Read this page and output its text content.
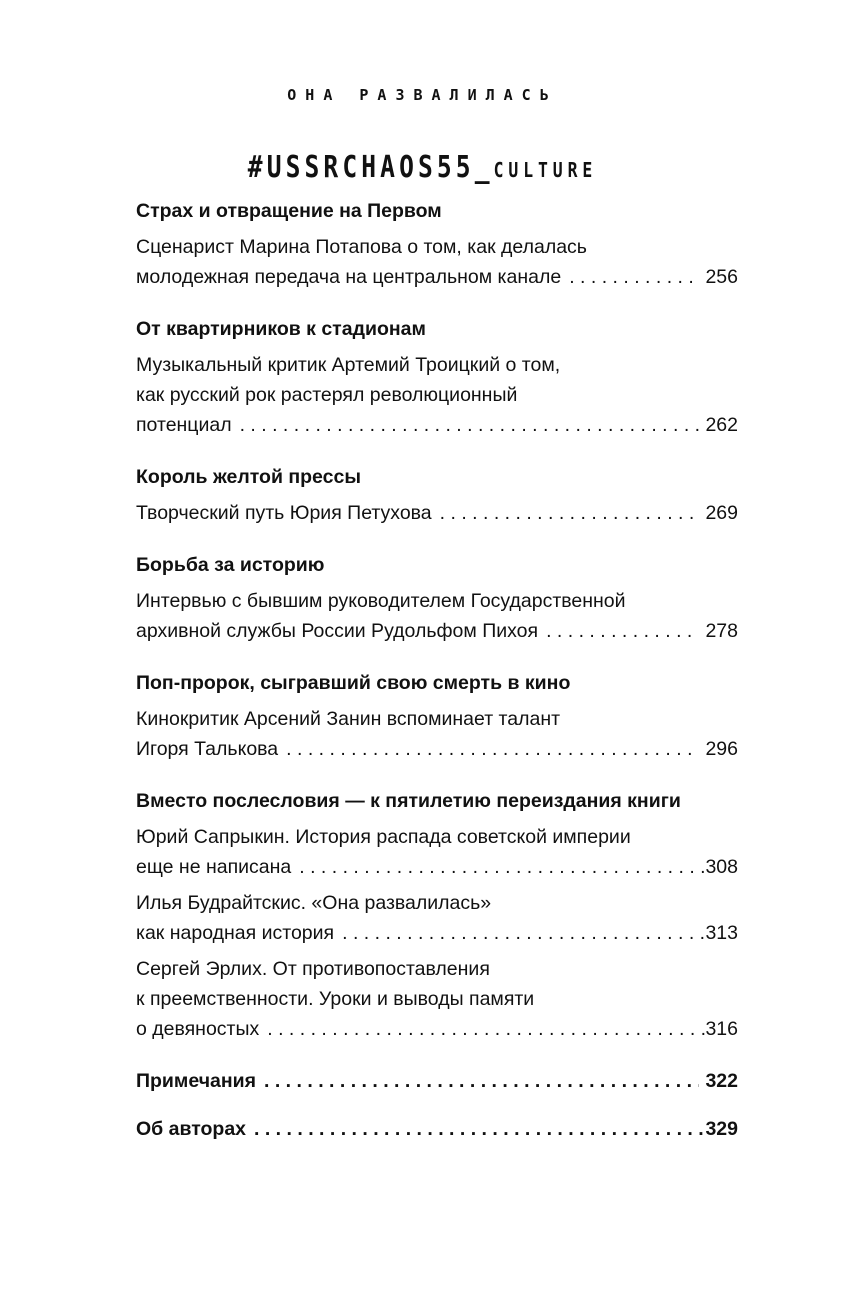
ОНА РАЗВАЛИЛАСЬ
#USSRCHAOS55_CULTURE
Страх и отвращение на Первом
Сценарист Марина Потапова о том, как делалась
молодежная передача на центральном канале . . .	256
От квартирников к стадионам
Музыкальный критик Артемий Троицкий о том,
как русский рок растерял революционный
потенциал . . .	262
Король желтой прессы
Творческий путь Юрия Петухова . . .	269
Борьба за историю
Интервью с бывшим руководителем Государственной
архивной службы России Рудольфом Пихоя . . .	278
Поп-пророк, сыгравший свою смерть в кино
Кинокритик Арсений Занин вспоминает талант
Игоря Талькова . . .	296
Вместо послесловия — к пятилетию переиздания книги
Юрий Сапрыкин. История распада советской империи
еще не написана . . .	308
Илья Будрайтскис. «Она развалилась»
как народная история . . .	313
Сергей Эрлих. От противопоставления
к преемственности. Уроки и выводы памяти
о девяностых . . .	316
Примечания . . .	322
Об авторах . . .	329
